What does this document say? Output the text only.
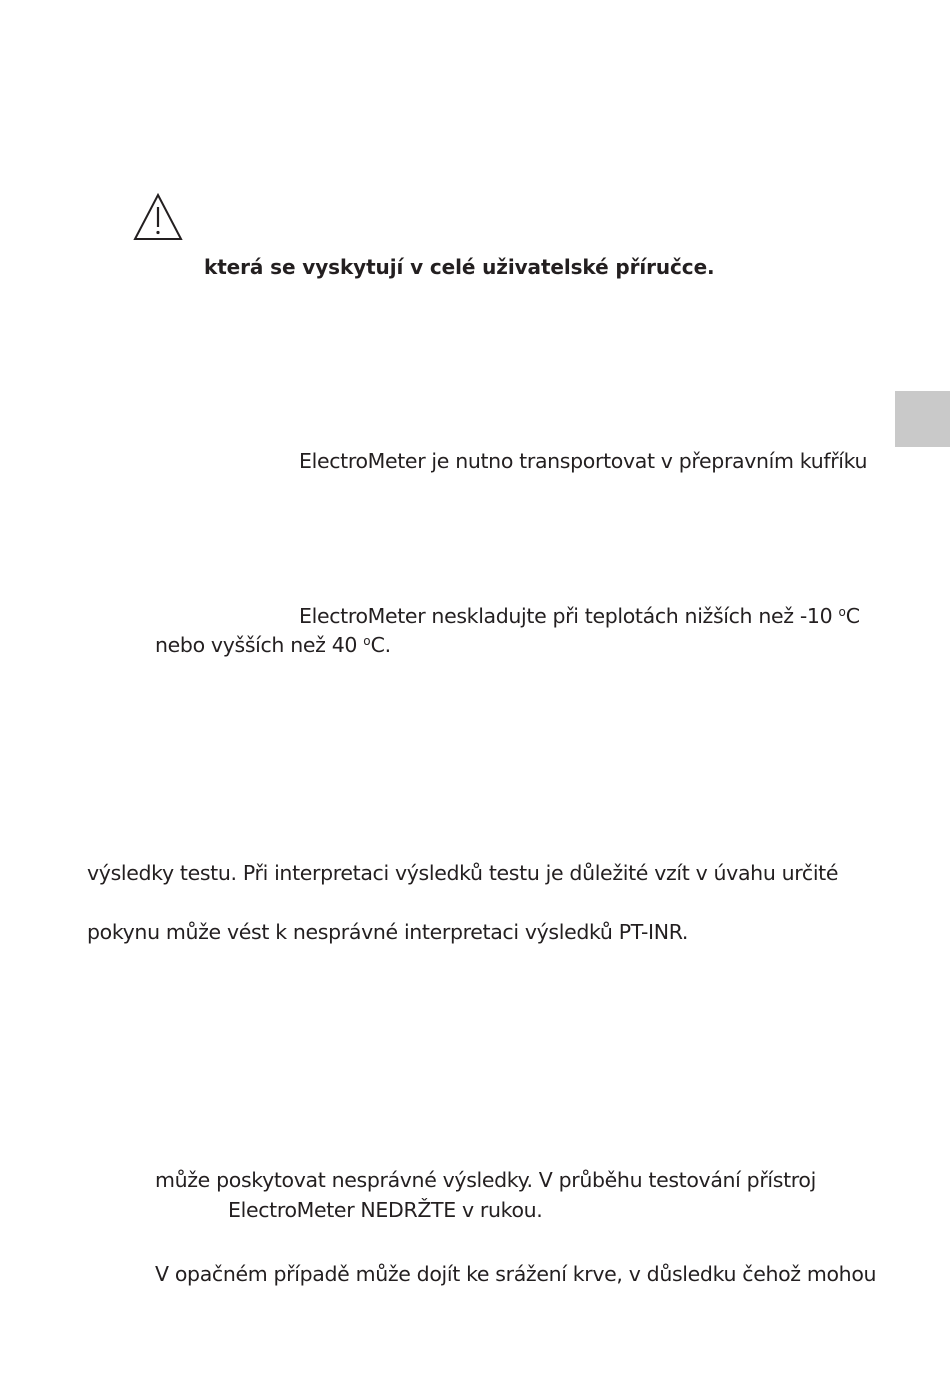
která se vyskytují v celé uživatelské příručce.
ElectroMeter je nutno transportovat v přepravním kufříku
ElectroMeter neskladujte při teplotách nižších než -10 $^o$C
nebo vyšších než 40 $^o$C.
výsledky testu. Při interpretaci výsledků testu je důležité vzít v úvahu určité
pokynu může vést k nesprávné interpretaci výsledků PT-INR.
může poskytovat nesprávné výsledky. V průběhu testování přístroj
ElectroMeter NEDRŽTE v rukou.
V opačném případě může dojít ke srážení krve, v důsledku čehož mohou
